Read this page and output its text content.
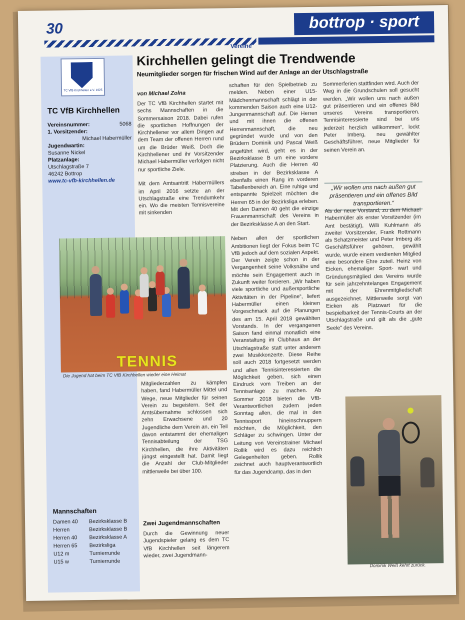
30	bottrop · sport
Vereine
TC VfB Kirchhellen e.V. 1925
TC VfB Kirchhellen
Vereinsnummer:	5068
1. Vorsitzender:
Michael Habermüller
Jugendwartin:
Susanne Nickel
Platzanlage:
Utschlagstraße 7
46242 Bottrop
www.tc-vfb-kirchhellen.de
Mannschaften
Damen 40	Bezirksklasse B
Herren	Bezirksklasse B
Herren 40	Bezirksklasse A
Herren 65	Bezirksliga
U12 m	Turnierrunde
U15 w	Turnierrunde
Kirchhellen gelingt die Trendwende
Neumitglieder sorgen für frischen Wind auf der Anlage an der Utschlagstraße
von Michael Zolna
Der TC VfB Kirchhellen startet mit sechs Mannschaften in die Sommersaison 2018. Dabei rufen die sportlichen Hoffnungen der Kirchhellener vor allem Dingen auf dem Team der offenen Herren rund um die Brüder Weiß. Doch die Kirchhellener und ihr Vorsitzender Michael Habermüller verfolgen nicht nur sportliche Ziele.

Mit dem Amtsantritt Habermüllers im April 2016 setzte an der Utschlagstraße eine Trendumkehr ein. Wo die meisten Tennisvereine mit sinkenden
TENNIS
Die Jugend hat beim TC VfB Kirchhellen wieder eine Heimat
Mitgliederzahlen zu kämpfen haben, fand Habermüller Mittel und Wege, neue Mitglieder für seinen Verein zu begeistern. Seit der Amtsübernahme schlossen sich zehn Erwachsene und 20 Jugendliche dem Verein an, ein Teil davon entstammt der ehemaligen Tennisabteilung der TSG Kirchhellen, die ihre Aktivitäten jüngst eingestellt hat. Damit liegt die Anzahl der Club-Mitglieder mittlerweile bei über 100.
Zwei Jugendmannschaften
Durch die Gewinnung neuer Jugendspieler gelang es dem TC VfB Kirchhellen seit längerem wieder, zwei Jugendmann-
schaften für den Spielbetrieb zu melden. Neben einer U15-Mädchenmannschaft schlägt in der kommenden Saison auch eine U12-Jungenmannschaft auf. Die Herren und mit ihnen die offenen Herrenmannschaft, die neu gegründet wurde und von den Brüdern Dominik und Pascal Weiß angeführt wird, geht es in der Bezirksklasse B um eine vordere Platzierung. Auch die Herren 40 streben in der Bezirksklasse A ebenfalls einen Rang im vorderen Tabellenbereich an. Eine ruhige und entspannte Spielzeit möchten die Herren 65 in der Bezirksliga erleben. Mit den Damen 40 geht die einzige Frauenmannschaft des Vereins in der Bezirksklasse A an den Start.

Neben allen der sportlichen Ambitionen liegt der Fokus beim TC VfB jedoch auf dem sozialen Aspekt. Der Verein zeigte schon in der Vergangenheit seine Volksnähe und möchte sein Engagement auch in Zukunft weiter forcieren. „Wir haben viele sportliche und außersportliche Aktivitäten in der Pipeline“, liefert Habermüller einen kleinen Vorgeschmack auf die Planungen des am 15. April 2018 gewählten Vorstands. In der vergangenen Saison fand einmal monatlich eine Veranstaltung im Clubhaus an der Utschlagstraße statt unter anderem zwei Musikkonzerte. Diese Reihe soll auch 2018 fortgesetzt werden und allen Tennisinteressierten die Möglichkeit geben, sich einen Eindruck vom Treiben an der Tennisanlage zu machen. Ab Sommer 2018 bieten die VfB-Verantwortlichen zudem jeden Sonntag allen, die mal in den Tennissport hineinschnuppern möchten, die Möglichkeit, den Schläger zu schwingen. Unter der Leitung von Vereinstrainer Michael Rollik wird es dazu reichlich Gelegenheiten geben. Rollik zeichnet auch hauptverantwortlich für das Jugendcamp, das in den
Sommerferien stattfinden wird. Auch der Weg in die Grundschulen soll gesucht werden. „Wir wollen uns nach außen gut präsentieren und ein offenes Bild unseres Vereins transportieren. Tennisinteressierte sind bei uns jederzeit herzlich willkommen“, lockt Peter Imberg, neu gewählter Geschäftsführer, neue Mitglieder für seinen Verein an.
„Wir wollen uns nach außen gut präsentieren und ein offenes Bild transportieren.“
Als der neue Vorstand, zu dem Michael Habermüller als erster Vorsitzender (im Amt bestätigt), Willi Kuhlmann als zweiter Vorsitzender, Frank Rottmann als Schatzmeister und Peter Imberg als Geschäftsführer gehören, gewählt wurde, wurde einem verdienten Mitglied eine besondere Ehre zuteil. Heinz von Eicken, ehemaliger Sport- wart und Gründungsmitglied des Vereins wurde für sein jahrzehntelanges Engagement mit der Ehrenmitgliedschaft ausgezeichnet. Mittlerweile sorgt van Eicken als Platzwart für die bespielbarkeit der Tennis-Courts an der Utschlagstraße und gilt als die „gute Seele“ des Vereins.
Dominik Weiß kehrt zurück.
